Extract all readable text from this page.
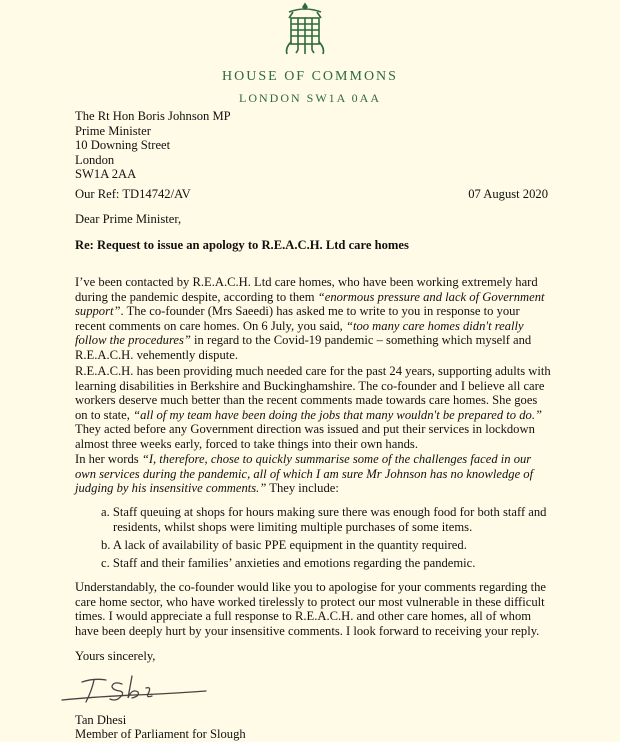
HOUSE OF COMMONS
LONDON SW1A 0AA
The Rt Hon Boris Johnson MP
Prime Minister
10 Downing Street
London
SW1A 2AA
Our Ref: TD14742/AV	07 August 2020
Dear Prime Minister,
Re: Request to issue an apology to R.E.A.C.H. Ltd care homes
I’ve been contacted by R.E.A.C.H. Ltd care homes, who have been working extremely hard during the pandemic despite, according to them “enormous pressure and lack of Government support”. The co-founder (Mrs Saeedi) has asked me to write to you in response to your recent comments on care homes. On 6 July, you said, “too many care homes didn't really follow the procedures” in regard to the Covid-19 pandemic – something which myself and R.E.A.C.H. vehemently dispute.
R.E.A.C.H. has been providing much needed care for the past 24 years, supporting adults with learning disabilities in Berkshire and Buckinghamshire. The co-founder and I believe all care workers deserve much better than the recent comments made towards care homes. She goes on to state, “all of my team have been doing the jobs that many wouldn't be prepared to do.” They acted before any Government direction was issued and put their services in lockdown almost three weeks early, forced to take things into their own hands.
In her words “I, therefore, chose to quickly summarise some of the challenges faced in our own services during the pandemic, all of which I am sure Mr Johnson has no knowledge of judging by his insensitive comments.” They include:
a. Staff queuing at shops for hours making sure there was enough food for both staff and residents, whilst shops were limiting multiple purchases of some items.
b. A lack of availability of basic PPE equipment in the quantity required.
c. Staff and their families’ anxieties and emotions regarding the pandemic.
Understandably, the co-founder would like you to apologise for your comments regarding the care home sector, who have worked tirelessly to protect our most vulnerable in these difficult times. I would appreciate a full response to R.E.A.C.H. and other care homes, all of whom have been deeply hurt by your insensitive comments. I look forward to receiving your reply.
Yours sincerely,
Tan Dhesi
Member of Parliament for Slough
